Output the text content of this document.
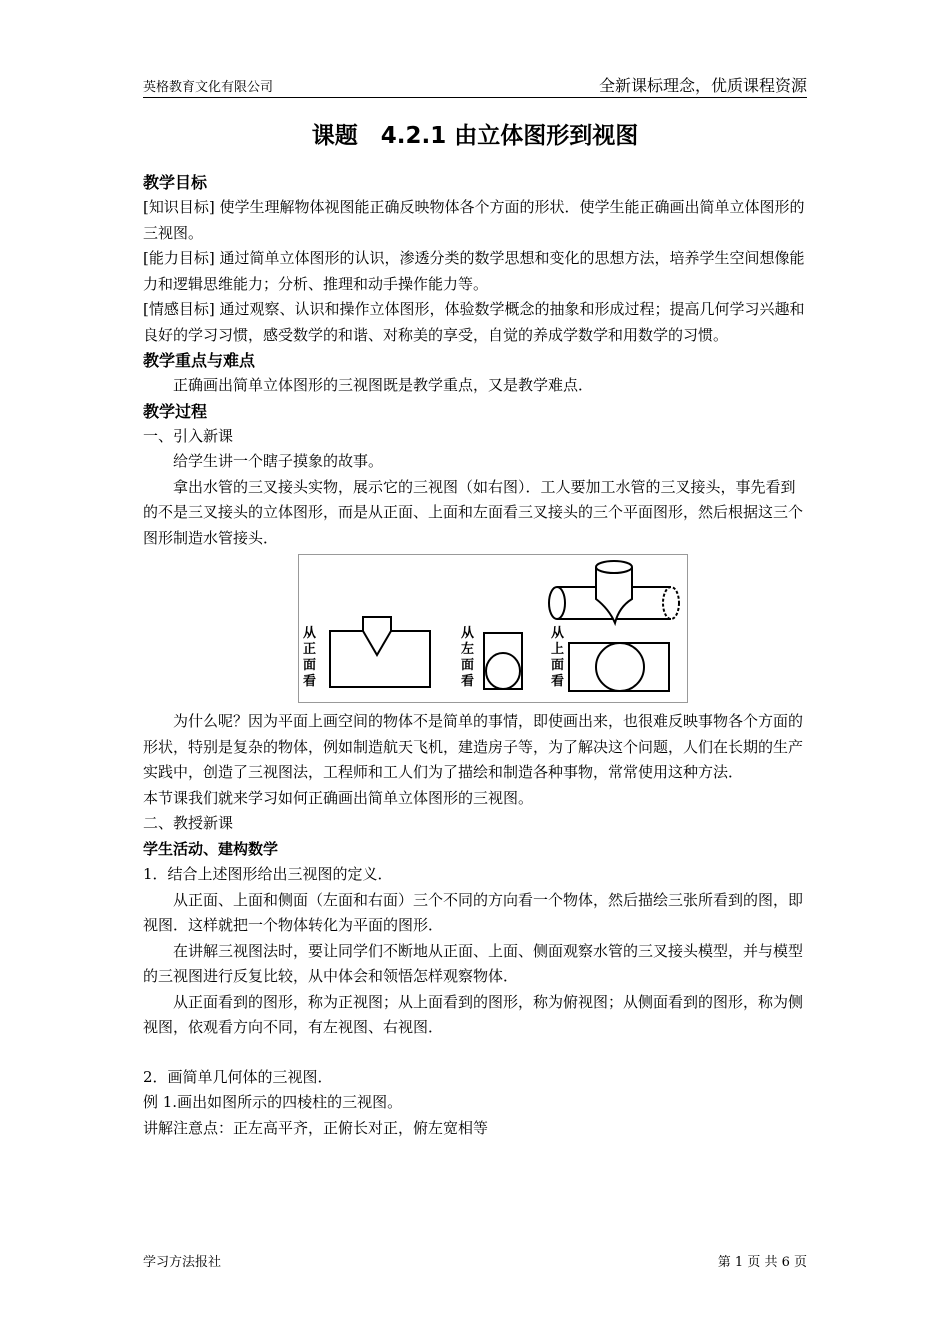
英格教育文化有限公司	全新课标理念，优质课程资源
课题　4.2.1 由立体图形到视图

教学目标

[知识目标] 使学生理解物体视图能正确反映物体各个方面的形状．使学生能正确画出简单立体图形的三视图。

[能力目标] 通过简单立体图形的认识，渗透分类的数学思想和变化的思想方法，培养学生空间想像能力和逻辑思维能力；分析、推理和动手操作能力等。

[情感目标] 通过观察、认识和操作立体图形，体验数学概念的抽象和形成过程；提高几何学习兴趣和良好的学习习惯，感受数学的和谐、对称美的享受，自觉的养成学数学和用数学的习惯。

教学重点与难点

正确画出简单立体图形的三视图既是教学重点，又是教学难点．

教学过程

一、引入新课

给学生讲一个瞎子摸象的故事。

拿出水管的三叉接头实物，展示它的三视图（如右图）．工人要加工水管的三叉接头，事先看到的不是三叉接头的立体图形，而是从正面、上面和左面看三叉接头的三个平面图形，然后根据这三个图形制造水管接头．

从
正
面
看
从
左
面
看
从
上
面
看

为什么呢？因为平面上画空间的物体不是简单的事情，即使画出来，也很难反映事物各个方面的形状，特别是复杂的物体，例如制造航天飞机，建造房子等，为了解决这个问题，人们在长期的生产实践中，创造了三视图法，工程师和工人们为了描绘和制造各种事物，常常使用这种方法．

本节课我们就来学习如何正确画出简单立体图形的三视图。

二、教授新课

学生活动、建构数学

1．结合上述图形给出三视图的定义．

从正面、上面和侧面（左面和右面）三个不同的方向看一个物体，然后描绘三张所看到的图，即视图．这样就把一个物体转化为平面的图形．

在讲解三视图法时，要让同学们不断地从正面、上面、侧面观察水管的三叉接头模型，并与模型的三视图进行反复比较，从中体会和领悟怎样观察物体．

从正面看到的图形，称为正视图；从上面看到的图形，称为俯视图；从侧面看到的图形，称为侧视图，依观看方向不同，有左视图、右视图．

2．画简单几何体的三视图．

例 1.画出如图所示的四棱柱的三视图。

讲解注意点：正左高平齐，正俯长对正，俯左宽相等

学习方法报社	第 1 页 共 6 页
